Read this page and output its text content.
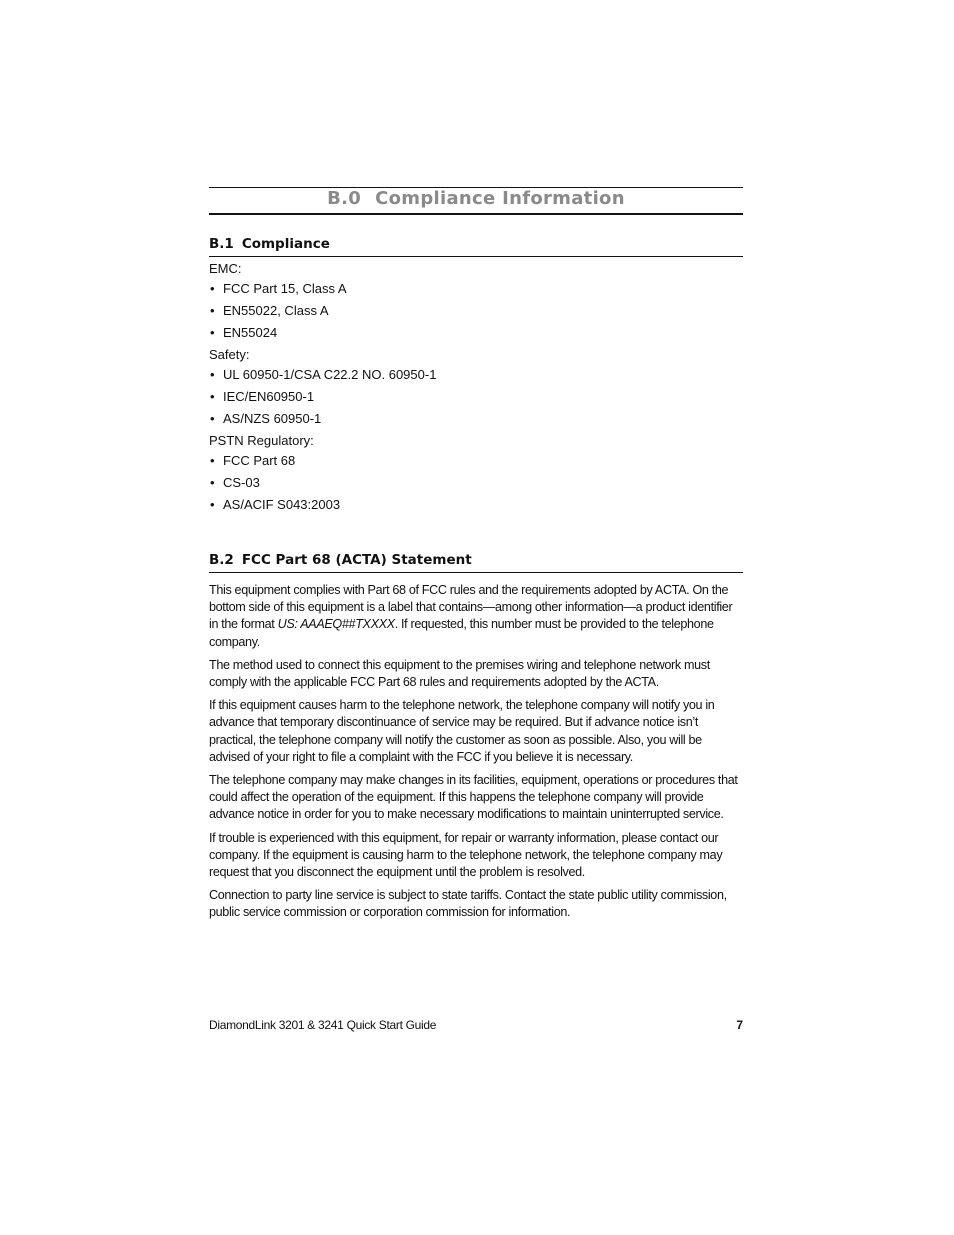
B.0 Compliance Information
B.1 Compliance
EMC:
• FCC Part 15, Class A
• EN55022, Class A
• EN55024
Safety:
• UL 60950-1/CSA C22.2 NO. 60950-1
• IEC/EN60950-1
• AS/NZS 60950-1
PSTN Regulatory:
• FCC Part 68
• CS-03
• AS/ACIF S043:2003
B.2 FCC Part 68 (ACTA) Statement

This equipment complies with Part 68 of FCC rules and the requirements adopted by ACTA. On the bottom side of this equipment is a label that contains—among other information—a product identifier in the format US: AAAEQ##TXXXX. If requested, this number must be provided to the telephone company.

The method used to connect this equipment to the premises wiring and telephone network must comply with the applicable FCC Part 68 rules and requirements adopted by the ACTA.

If this equipment causes harm to the telephone network, the telephone company will notify you in advance that temporary discontinuance of service may be required. But if advance notice isn’t practical, the telephone company will notify the customer as soon as possible. Also, you will be advised of your right to file a complaint with the FCC if you believe it is necessary.

The telephone company may make changes in its facilities, equipment, operations or procedures that could affect the operation of the equipment. If this happens the telephone company will provide advance notice in order for you to make necessary modifications to maintain uninterrupted service.

If trouble is experienced with this equipment, for repair or warranty information, please contact our company. If the equipment is causing harm to the telephone network, the telephone company may request that you disconnect the equipment until the problem is resolved.

Connection to party line service is subject to state tariffs. Contact the state public utility commission, public service commission or corporation commission for information.

DiamondLink 3201 & 3241 Quick Start Guide	7
